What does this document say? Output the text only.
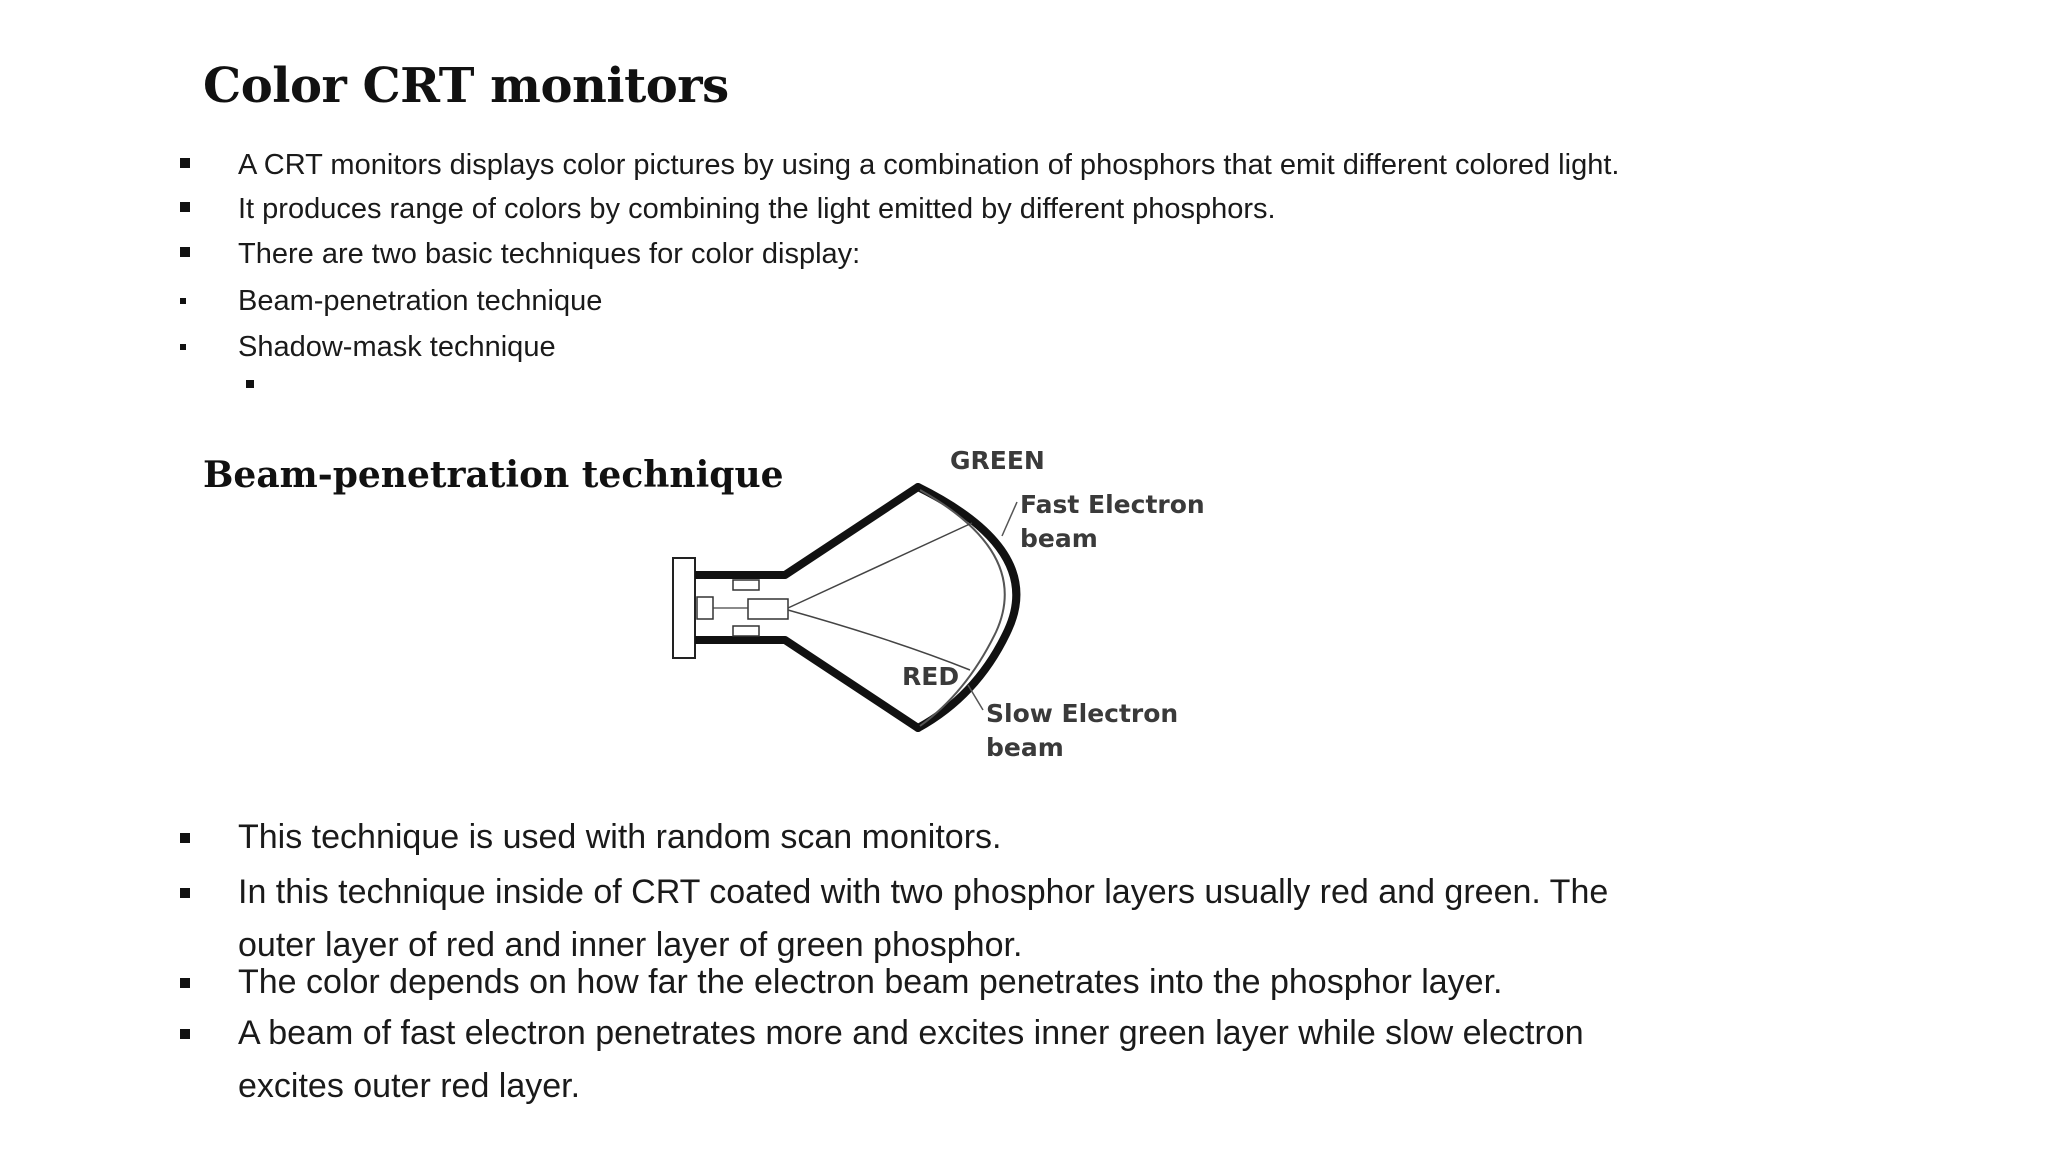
Color CRT monitors
A CRT monitors displays color pictures by using a combination of phosphors that emit different colored light.
It produces range of colors by combining the light emitted by different phosphors.
There are two basic techniques for color display:
Beam-penetration technique
Shadow-mask technique
Beam-penetration technique	GREEN
Fast Electron
beam
RED
Slow Electron
beam
This technique is used with random scan monitors.
In this technique inside of CRT coated with two phosphor layers usually red and green. The
outer layer of red and inner layer of green phosphor.
The color depends on how far the electron beam penetrates into the phosphor layer.
A beam of fast electron penetrates more and excites inner green layer while slow electron
excites outer red layer.
